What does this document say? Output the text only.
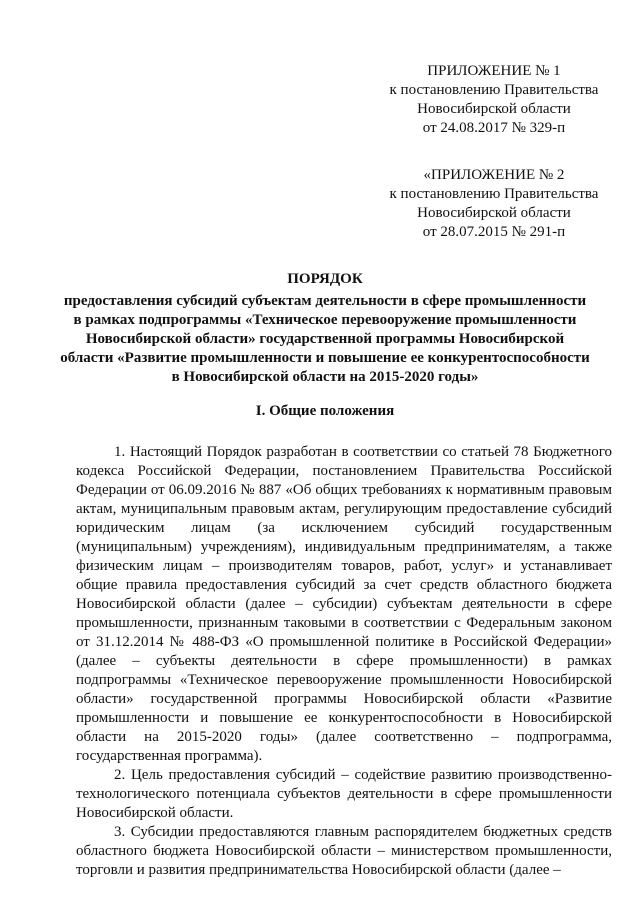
ПРИЛОЖЕНИЕ № 1
к постановлению Правительства
Новосибирской области
от 24.08.2017 № 329-п
«ПРИЛОЖЕНИЕ № 2
к постановлению Правительства
Новосибирской области
от 28.07.2015 № 291-п
ПОРЯДОК
предоставления субсидий субъектам деятельности в сфере промышленности
в рамках подпрограммы «Техническое перевооружение промышленности
Новосибирской области» государственной программы Новосибирской
области «Развитие промышленности и повышение ее конкурентоспособности
в Новосибирской области на 2015-2020 годы»
I. Общие положения

1. Настоящий Порядок разработан в соответствии со статьей 78 Бюджетного кодекса Российской Федерации, постановлением Правительства Российской Федерации от 06.09.2016 № 887 «Об общих требованиях к нормативным правовым актам, муниципальным правовым актам, регулирующим предоставление субсидий юридическим лицам (за исключением субсидий государственным (муниципальным) учреждениям), индивидуальным предпринимателям, а также физическим лицам – производителям товаров, работ, услуг» и устанавливает общие правила предоставления субсидий за счет средств областного бюджета Новосибирской области (далее – субсидии) субъектам деятельности в сфере промышленности, признанным таковыми в соответствии с Федеральным законом от 31.12.2014 № 488-ФЗ «О промышленной политике в Российской Федерации» (далее – субъекты деятельности в сфере промышленности) в рамках подпрограммы «Техническое перевооружение промышленности Новосибирской области» государственной программы Новосибирской области «Развитие промышленности и повышение ее конкурентоспособности в Новосибирской области на 2015-2020 годы» (далее соответственно – подпрограмма, государственная программа).

2. Цель предоставления субсидий – содействие развитию производственно-технологического потенциала субъектов деятельности в сфере промышленности Новосибирской области.

3. Субсидии предоставляются главным распорядителем бюджетных средств областного бюджета Новосибирской области – министерством промышленности, торговли и развития предпринимательства Новосибирской области (далее –
